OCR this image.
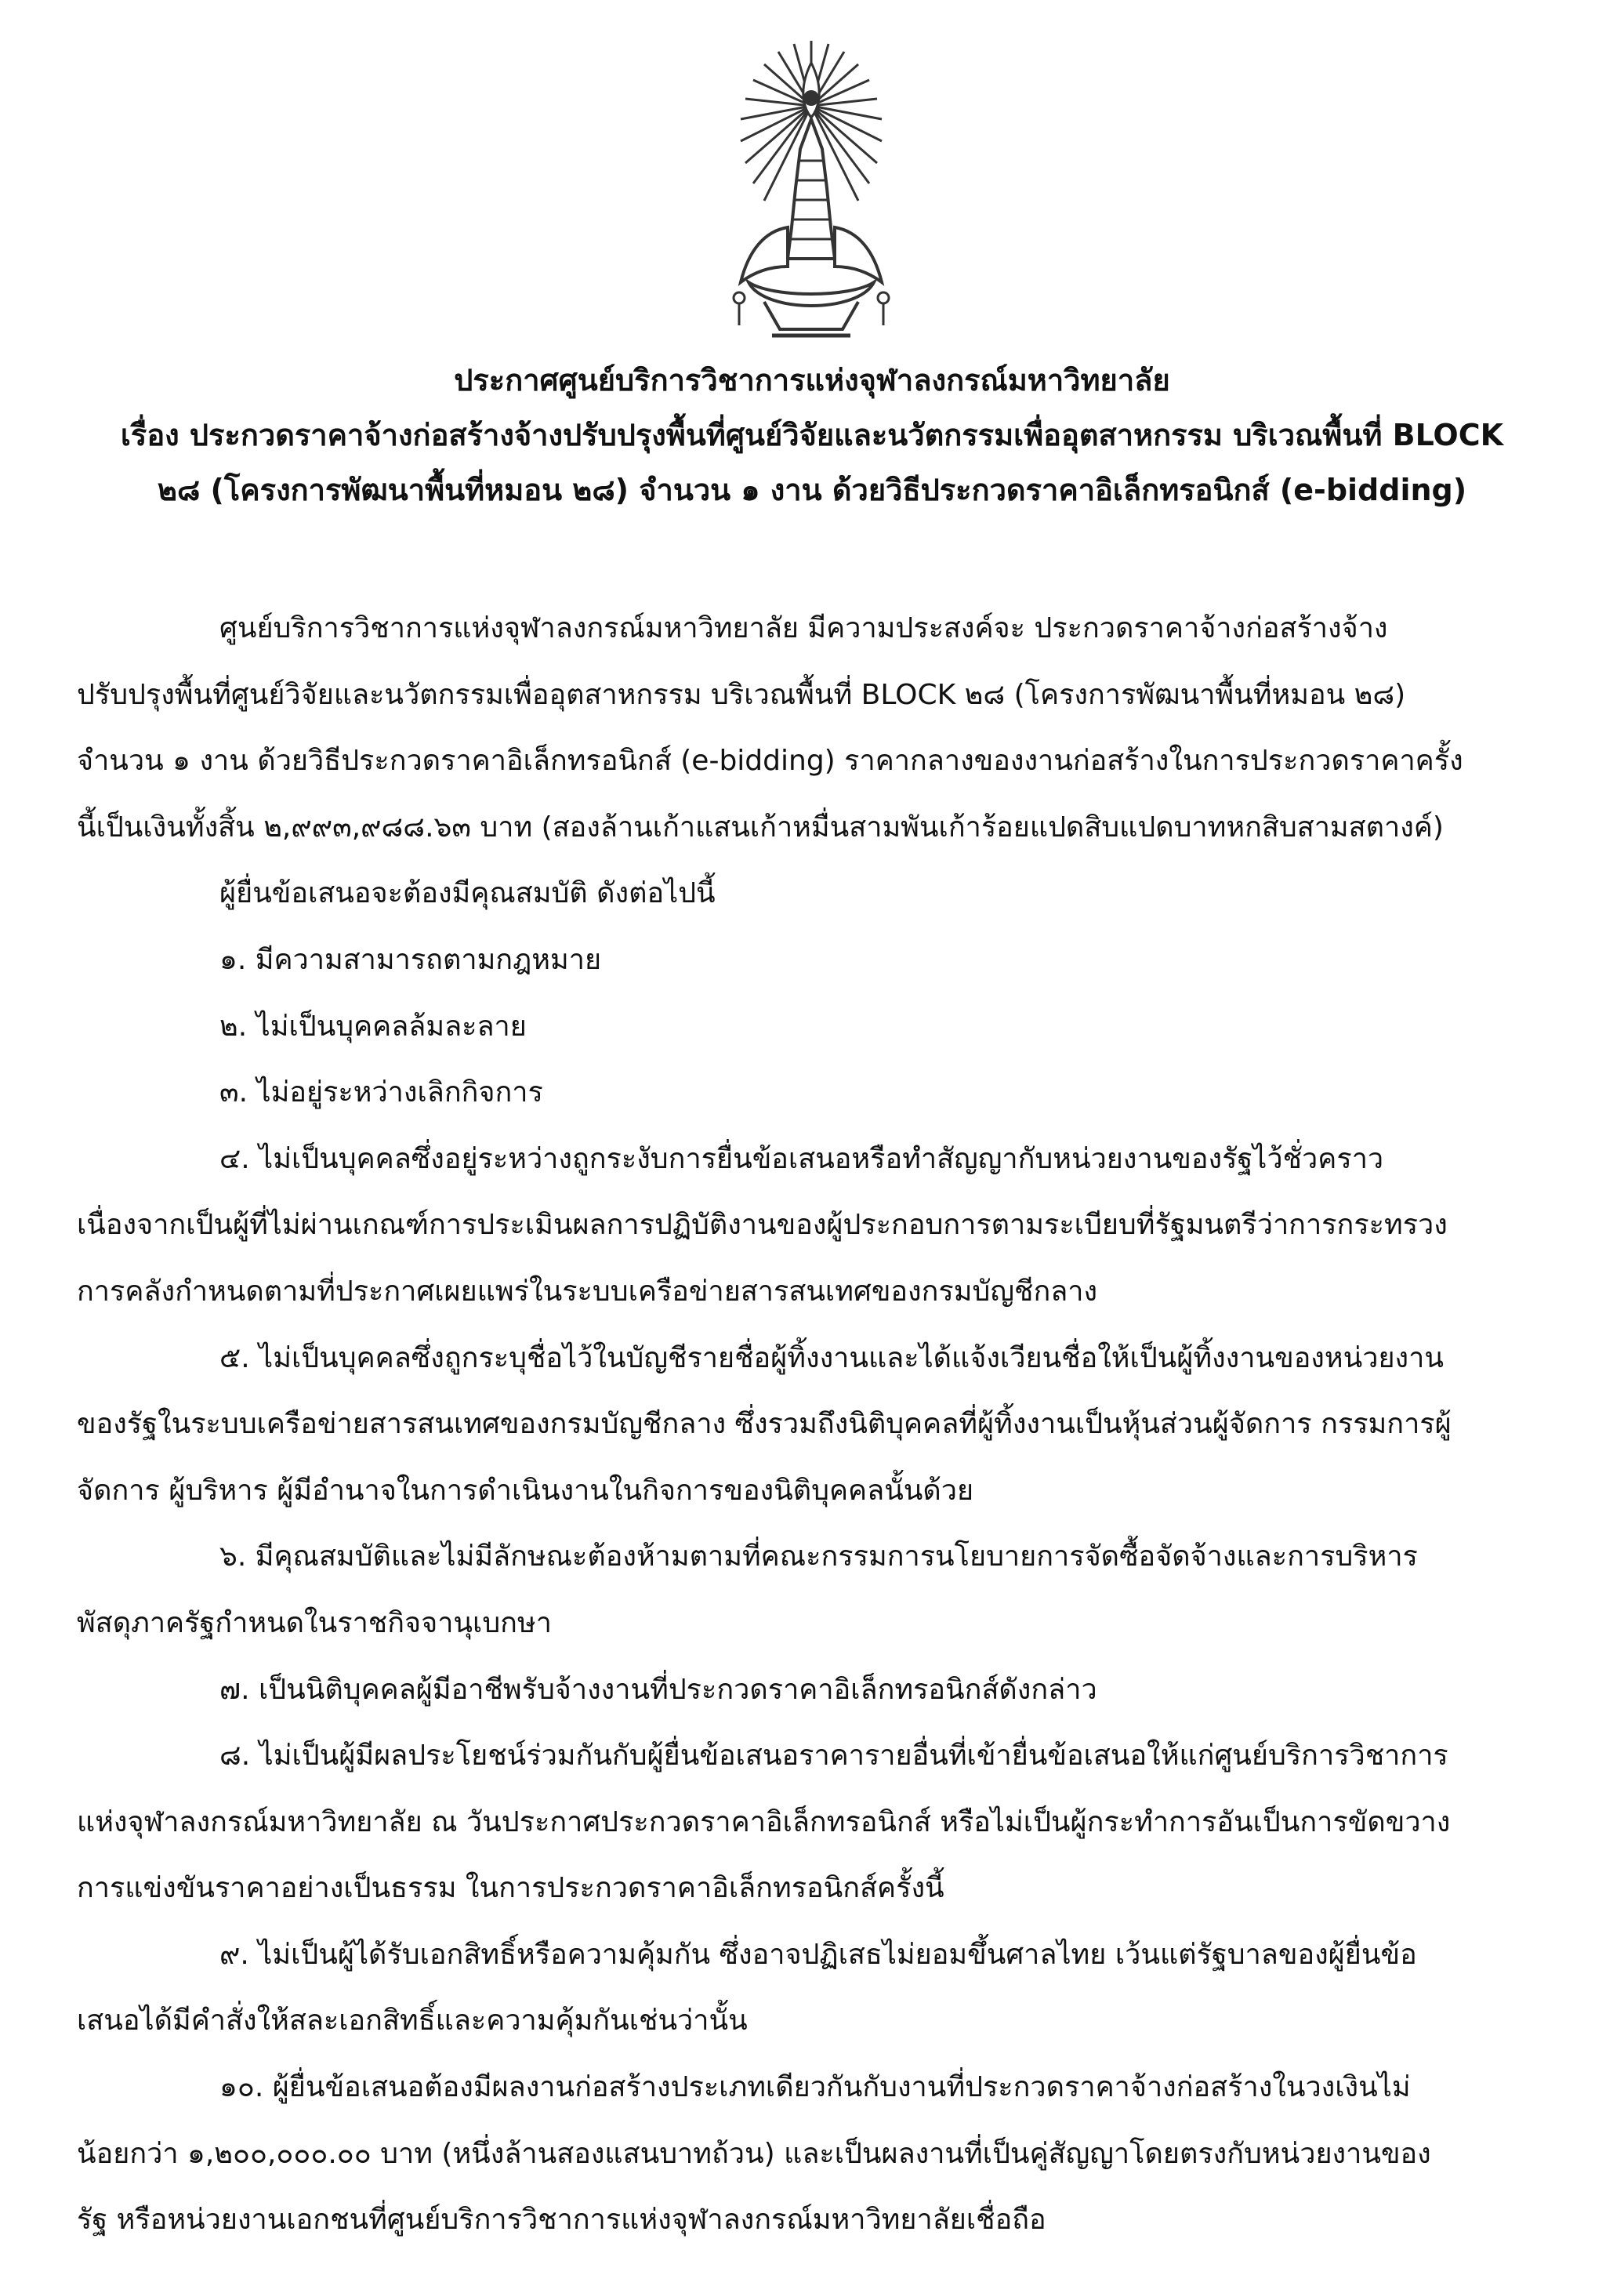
ประกาศศูนย์บริการวิชาการแห่งจุฬาลงกรณ์มหาวิทยาลัย
เรื่อง ประกวดราคาจ้างก่อสร้างจ้างปรับปรุงพื้นที่ศูนย์วิจัยและนวัตกรรมเพื่ออุตสาหกรรม บริเวณพื้นที่ BLOCK
๒๘ (โครงการพัฒนาพื้นที่หมอน ๒๘) จำนวน ๑ งาน ด้วยวิธีประกวดราคาอิเล็กทรอนิกส์ (e-bidding)
ศูนย์บริการวิชาการแห่งจุฬาลงกรณ์มหาวิทยาลัย มีความประสงค์จะ ประกวดราคาจ้างก่อสร้างจ้าง
ปรับปรุงพื้นที่ศูนย์วิจัยและนวัตกรรมเพื่ออุตสาหกรรม บริเวณพื้นที่ BLOCK ๒๘ (โครงการพัฒนาพื้นที่หมอน ๒๘)
จำนวน ๑ งาน ด้วยวิธีประกวดราคาอิเล็กทรอนิกส์ (e-bidding) ราคากลางของงานก่อสร้างในการประกวดราคาครั้ง
นี้เป็นเงินทั้งสิ้น ๒,๙๙๓,๙๘๘.๖๓ บาท (สองล้านเก้าแสนเก้าหมื่นสามพันเก้าร้อยแปดสิบแปดบาทหกสิบสามสตางค์)
ผู้ยื่นข้อเสนอจะต้องมีคุณสมบัติ ดังต่อไปนี้
๑. มีความสามารถตามกฎหมาย
๒. ไม่เป็นบุคคลล้มละลาย
๓. ไม่อยู่ระหว่างเลิกกิจการ
๔. ไม่เป็นบุคคลซึ่งอยู่ระหว่างถูกระงับการยื่นข้อเสนอหรือทำสัญญากับหน่วยงานของรัฐไว้ชั่วคราว
เนื่องจากเป็นผู้ที่ไม่ผ่านเกณฑ์การประเมินผลการปฏิบัติงานของผู้ประกอบการตามระเบียบที่รัฐมนตรีว่าการกระทรวง
การคลังกำหนดตามที่ประกาศเผยแพร่ในระบบเครือข่ายสารสนเทศของกรมบัญชีกลาง
๕. ไม่เป็นบุคคลซึ่งถูกระบุชื่อไว้ในบัญชีรายชื่อผู้ทิ้งงานและได้แจ้งเวียนชื่อให้เป็นผู้ทิ้งงานของหน่วยงาน
ของรัฐในระบบเครือข่ายสารสนเทศของกรมบัญชีกลาง ซึ่งรวมถึงนิติบุคคลที่ผู้ทิ้งงานเป็นหุ้นส่วนผู้จัดการ กรรมการผู้
จัดการ ผู้บริหาร ผู้มีอำนาจในการดำเนินงานในกิจการของนิติบุคคลนั้นด้วย
๖. มีคุณสมบัติและไม่มีลักษณะต้องห้ามตามที่คณะกรรมการนโยบายการจัดซื้อจัดจ้างและการบริหาร
พัสดุภาครัฐกำหนดในราชกิจจานุเบกษา
๗. เป็นนิติบุคคลผู้มีอาชีพรับจ้างงานที่ประกวดราคาอิเล็กทรอนิกส์ดังกล่าว
๘. ไม่เป็นผู้มีผลประโยชน์ร่วมกันกับผู้ยื่นข้อเสนอราคารายอื่นที่เข้ายื่นข้อเสนอให้แก่ศูนย์บริการวิชาการ
แห่งจุฬาลงกรณ์มหาวิทยาลัย ณ วันประกาศประกวดราคาอิเล็กทรอนิกส์ หรือไม่เป็นผู้กระทำการอันเป็นการขัดขวาง
การแข่งขันราคาอย่างเป็นธรรม ในการประกวดราคาอิเล็กทรอนิกส์ครั้งนี้
๙. ไม่เป็นผู้ได้รับเอกสิทธิ์หรือความคุ้มกัน ซึ่งอาจปฏิเสธไม่ยอมขึ้นศาลไทย เว้นแต่รัฐบาลของผู้ยื่นข้อ
เสนอได้มีคำสั่งให้สละเอกสิทธิ์และความคุ้มกันเช่นว่านั้น
๑๐. ผู้ยื่นข้อเสนอต้องมีผลงานก่อสร้างประเภทเดียวกันกับงานที่ประกวดราคาจ้างก่อสร้างในวงเงินไม่
น้อยกว่า ๑,๒๐๐,๐๐๐.๐๐ บาท (หนึ่งล้านสองแสนบาทถ้วน) และเป็นผลงานที่เป็นคู่สัญญาโดยตรงกับหน่วยงานของ
รัฐ หรือหน่วยงานเอกชนที่ศูนย์บริการวิชาการแห่งจุฬาลงกรณ์มหาวิทยาลัยเชื่อถือ
